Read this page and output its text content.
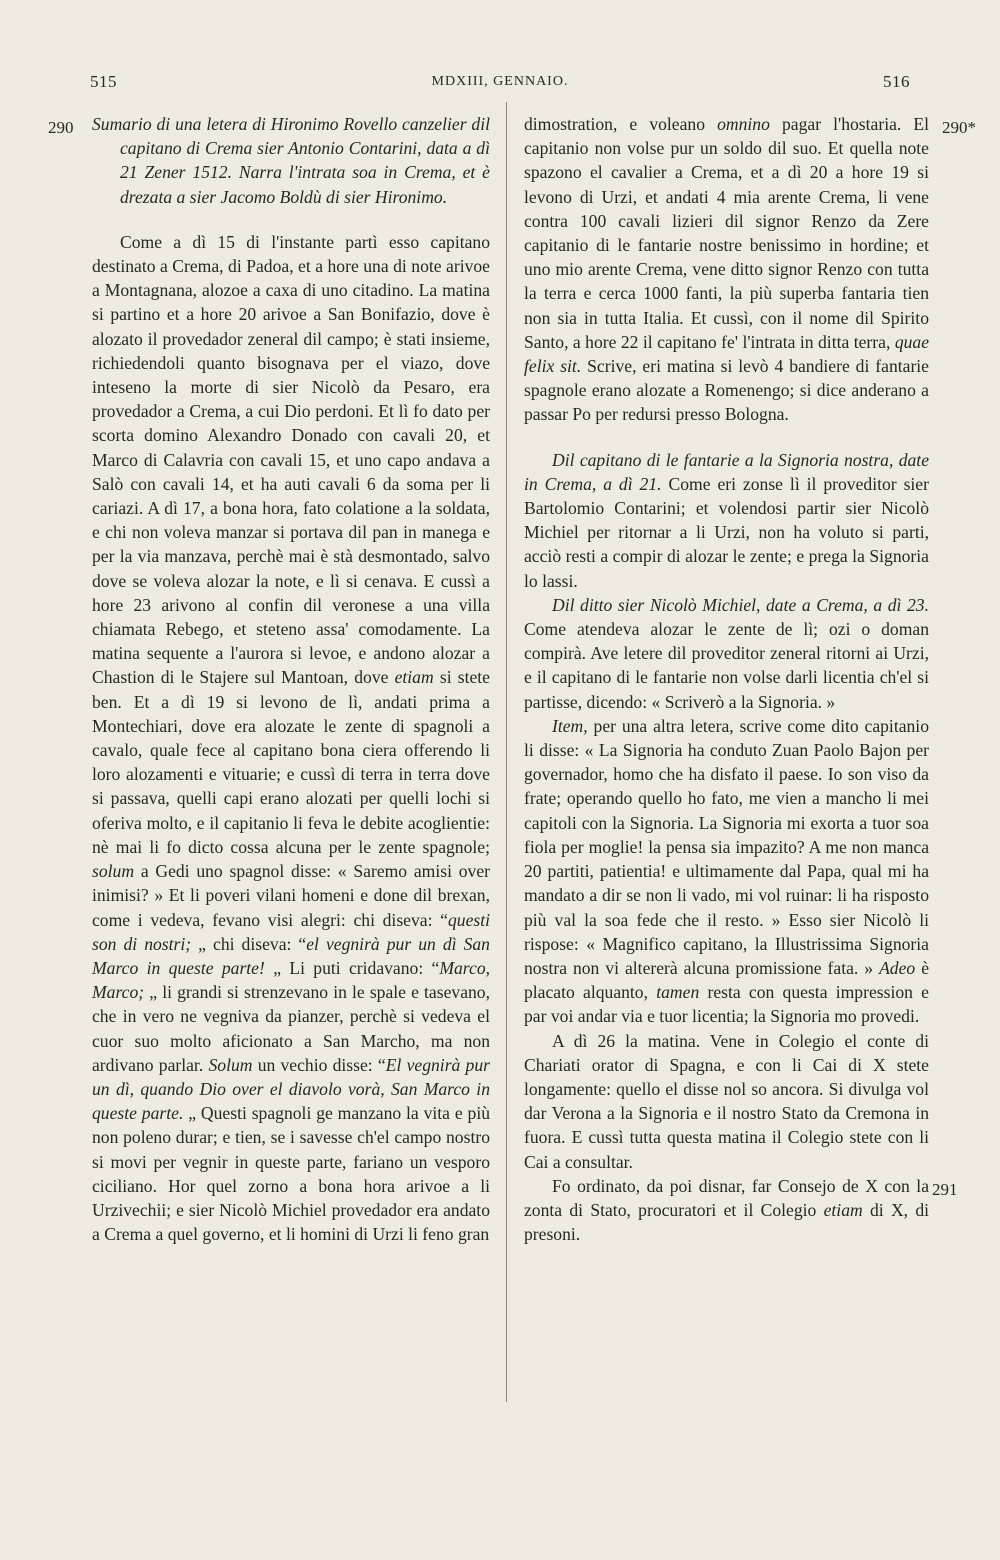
515	MDXIII, GENNAIO.	516
290	290*
291

Sumario di una letera di Hironimo Rovello canzelier dil capitano di Crema sier Antonio Contarini, data a dì 21 Zener 1512. Narra l'intrata soa in Crema, et è drezata a sier Jacomo Boldù di sier Hironimo.

Come a dì 15 di l'instante partì esso capitano destinato a Crema, di Padoa, et a hore una di note arivoe a Montagnana, alozoe a caxa di uno citadino. La matina si partino et a hore 20 arivoe a San Bonifazio, dove è alozato il provedador zeneral dil campo; è stati insieme, richiedendoli quanto bisognava per el viazo, dove inteseno la morte di sier Nicolò da Pesaro, era provedador a Crema, a cui Dio perdoni. Et lì fo dato per scorta domino Alexandro Donado con cavali 20, et Marco di Calavria con cavali 15, et uno capo andava a Salò con cavali 14, et ha auti cavali 6 da soma per li cariazi. A dì 17, a bona hora, fato colatione a la soldata, e chi non voleva manzar si portava dil pan in manega e per la via manzava, perchè mai è stà desmontado, salvo dove se voleva alozar la note, e lì si cenava. E cussì a hore 23 arivono al confin dil veronese a una villa chiamata Rebego, et steteno assa' comodamente. La matina sequente a l'aurora si levoe, e andono alozar a Chastion di le Stajere sul Mantoan, dove etiam si stete ben. Et a dì 19 si levono de lì, andati prima a Montechiari, dove era alozate le zente di spagnoli a cavalo, quale fece al capitano bona ciera offerendo li loro alozamenti e vituarie; e cussì di terra in terra dove si passava, quelli capi erano alozati per quelli lochi si oferiva molto, e il capitanio li feva le debite acoglientie: nè mai li fo dicto cossa alcuna per le zente spagnole; solum a Gedi uno spagnol disse: « Saremo amisi over inimisi? » Et li poveri vilani homeni e done dil brexan, come i vedeva, fevano visi alegri: chi diseva: “questi son di nostri; „ chi diseva: “el vegnirà pur un dì San Marco in queste parte! „ Li puti cridavano: “Marco, Marco; „ li grandi si strenzevano in le spale e tasevano, che in vero ne vegniva da pianzer, perchè si vedeva el cuor suo molto aficionato a San Marcho, ma non ardivano parlar. Solum un vechio disse: “El vegnirà pur un dì, quando Dio over el diavolo vorà, San Marco in queste parte. „ Questi spagnoli ge manzano la vita e più non poleno durar; e tien, se i savesse ch'el campo nostro si movi per vegnir in queste parte, fariano un vesporo ciciliano. Hor quel zorno a bona hora arivoe a li Urzivechii; e sier Nicolò Michiel provedador era andato a Crema a quel governo, et li homini di Urzi li feno gran

dimostration, e voleano omnino pagar l'hostaria. El capitanio non volse pur un soldo dil suo. Et quella note spazono el cavalier a Crema, et a dì 20 a hore 19 si levono di Urzi, et andati 4 mia arente Crema, li vene contra 100 cavali lizieri dil signor Renzo da Zere capitanio di le fantarie nostre benissimo in hordine; et uno mio arente Crema, vene ditto signor Renzo con tutta la terra e cerca 1000 fanti, la più superba fantaria tien non sia in tutta Italia. Et cussì, con il nome dil Spirito Santo, a hore 22 il capitano fe' l'intrata in ditta terra, quae felix sit. Scrive, eri matina si levò 4 bandiere di fantarie spagnole erano alozate a Romenengo; si dice anderano a passar Po per redursi presso Bologna.

Dil capitano di le fantarie a la Signoria nostra, date in Crema, a dì 21. Come eri zonse lì il proveditor sier Bartolomio Contarini; et volendosi partir sier Nicolò Michiel per ritornar a li Urzi, non ha voluto si parti, acciò resti a compir di alozar le zente; e prega la Signoria lo lassi.

Dil ditto sier Nicolò Michiel, date a Crema, a dì 23. Come atendeva alozar le zente de lì; ozi o doman compirà. Ave letere dil proveditor zeneral ritorni ai Urzi, e il capitano di le fantarie non volse darli licentia ch'el si partisse, dicendo: « Scriverò a la Signoria. »

Item, per una altra letera, scrive come dito capitanio li disse: « La Signoria ha conduto Zuan Paolo Bajon per governador, homo che ha disfato il paese. Io son viso da frate; operando quello ho fato, me vien a mancho li mei capitoli con la Signoria. La Signoria mi exorta a tuor soa fiola per moglie! la pensa sia impazito? A me non manca 20 partiti, patientia! e ultimamente dal Papa, qual mi ha mandato a dir se non li vado, mi vol ruinar: li ha risposto più val la soa fede che il resto. » Esso sier Nicolò li rispose: « Magnifico capitano, la Illustrissima Signoria nostra non vi altererà alcuna promissione fata. » Adeo è placato alquanto, tamen resta con questa impression e par voi andar via e tuor licentia; la Signoria mo provedi.

A dì 26 la matina. Vene in Colegio el conte di Chariati orator di Spagna, e con li Cai di X stete longamente: quello el disse nol so ancora. Si divulga vol dar Verona a la Signoria e il nostro Stato da Cremona in fuora. E cussì tutta questa matina il Colegio stete con li Cai a consultar.

Fo ordinato, da poi disnar, far Consejo de X con la zonta di Stato, procuratori et il Colegio etiam di X, di presoni.
